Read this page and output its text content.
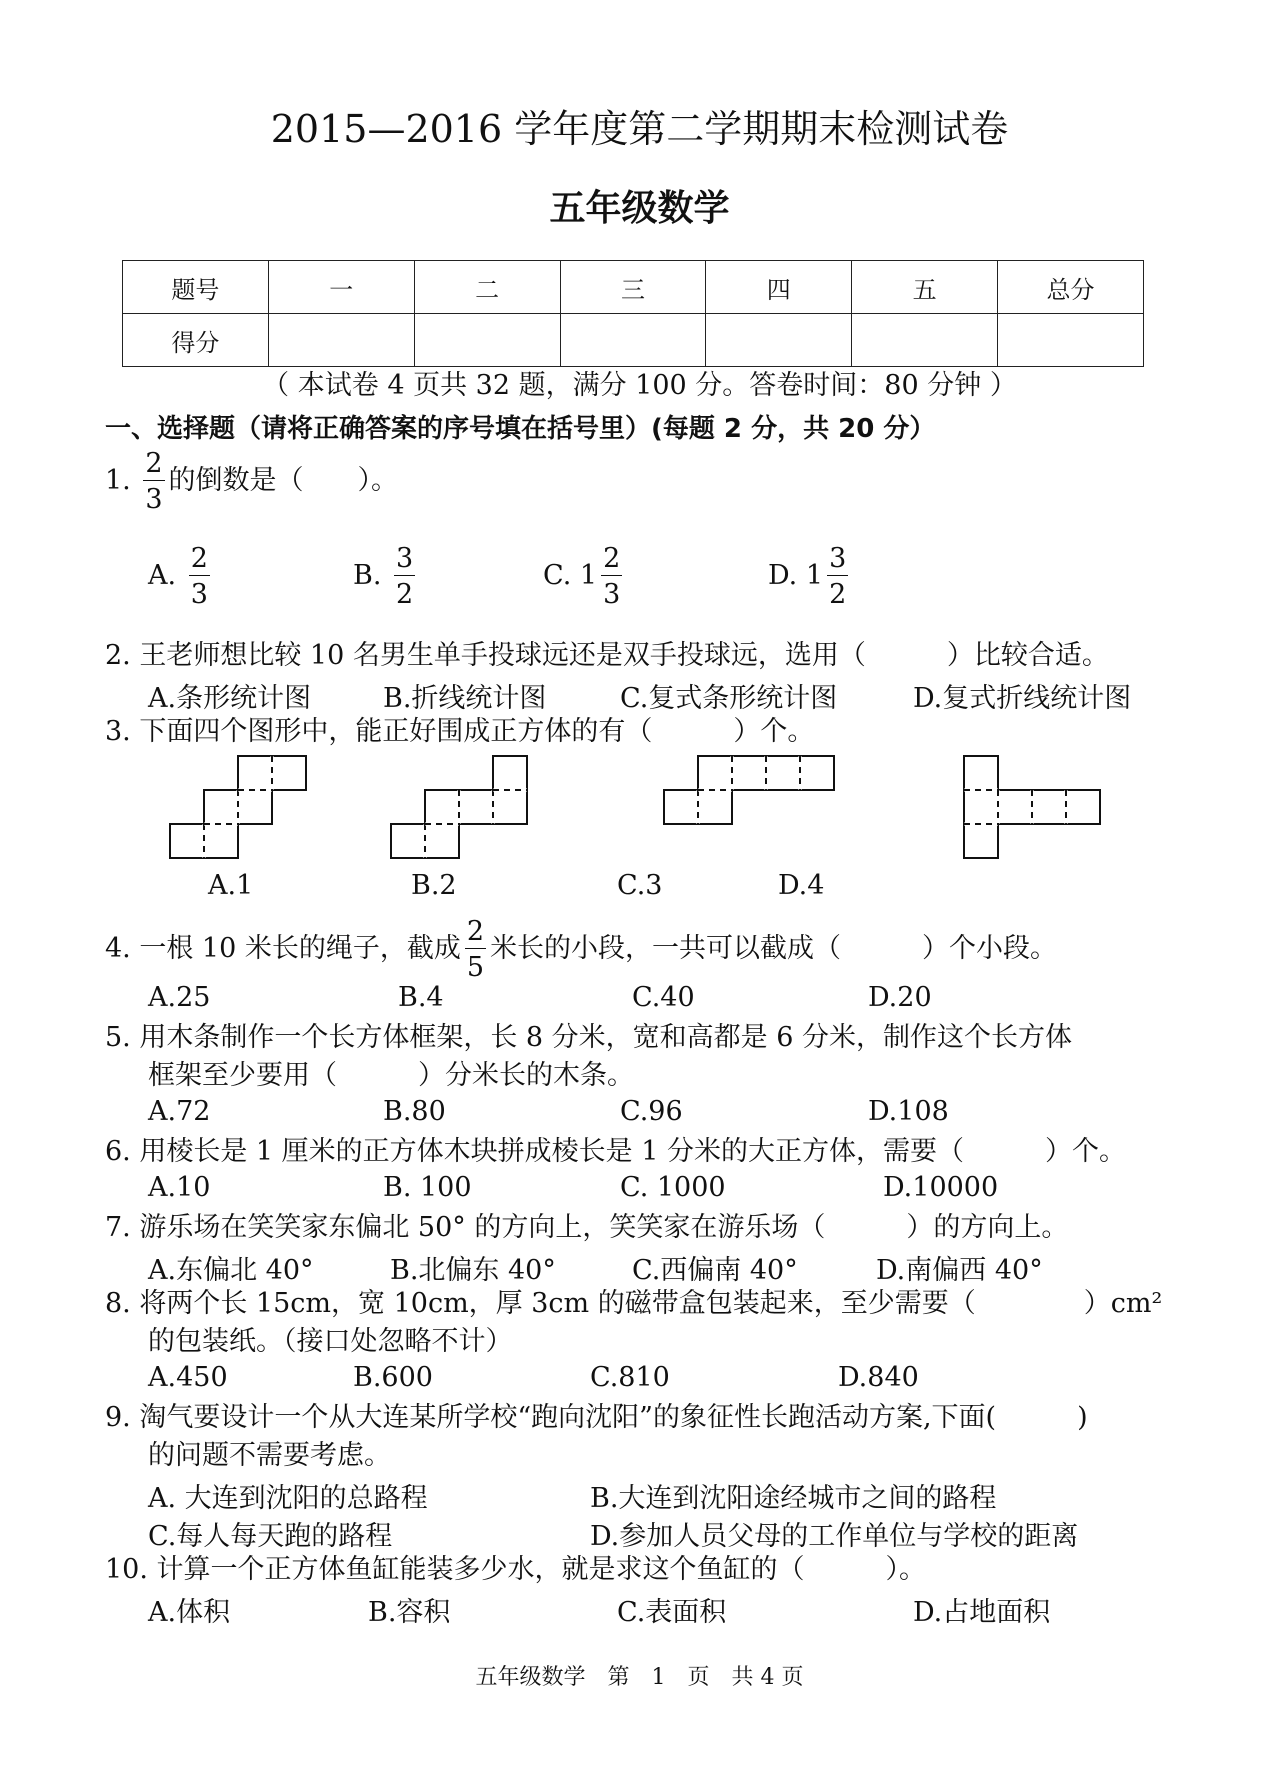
2015—2016 学年度第二学期期末检测试卷
五年级数学
题号	一	二	三	四	五	总分
得分						
（ 本试卷 4 页共 32 题，满分 100 分。答卷时间：80 分钟 ）
一、选择题（请将正确答案的序号填在括号里）(每题 2 分，共 20 分）
1. $\frac{2}{3}$ 的倒数是（　　）。
A. $\frac{2}{3}$	B. $\frac{3}{2}$	C. $1 \frac{2}{3}$	D. $1 \frac{3}{2}$
2. 王老师想比较 10 名男生单手投球远还是双手投球远，选用（　　　）比较合适。
A.条形统计图	B.折线统计图	C.复式条形统计图	D.复式折线统计图
3. 下面四个图形中，能正好围成正方体的有（　　　）个。
A.1	B.2	C.3	D.4
4. 一根 10 米长的绳子，截成 $\frac{2}{5}$ 米长的小段，一共可以截成（　　　）个小段。
A.25	B.4	C.40	D.20
5. 用木条制作一个长方体框架，长 8 分米，宽和高都是 6 分米，制作这个长方体
框架至少要用（　　　）分米长的木条。
A.72	B.80	C.96	D.108
6. 用棱长是 1 厘米的正方体木块拼成棱长是 1 分米的大正方体，需要（　　　）个。
A.10	B. 100	C. 1000	D.10000
7. 游乐场在笑笑家东偏北 50° 的方向上，笑笑家在游乐场（　　　）的方向上。
A.东偏北 40°	B.北偏东 40°	C.西偏南 40°	D.南偏西 40°
8. 将两个长 15cm，宽 10cm，厚 3cm 的磁带盒包装起来，至少需要（　　　　）cm²
的包装纸。（接口处忽略不计）
A.450	B.600	C.810	D.840
9. 淘气要设计一个从大连某所学校“跑向沈阳”的象征性长跑活动方案,下面(　　　)
的问题不需要考虑。
A. 大连到沈阳的总路程	B.大连到沈阳途经城市之间的路程
C.每人每天跑的路程	D.参加人员父母的工作单位与学校的距离
10. 计算一个正方体鱼缸能装多少水，就是求这个鱼缸的（　　　）。
A.体积	B.容积	C.表面积	D.占地面积
五年级数学　第　1　页　共 4 页
